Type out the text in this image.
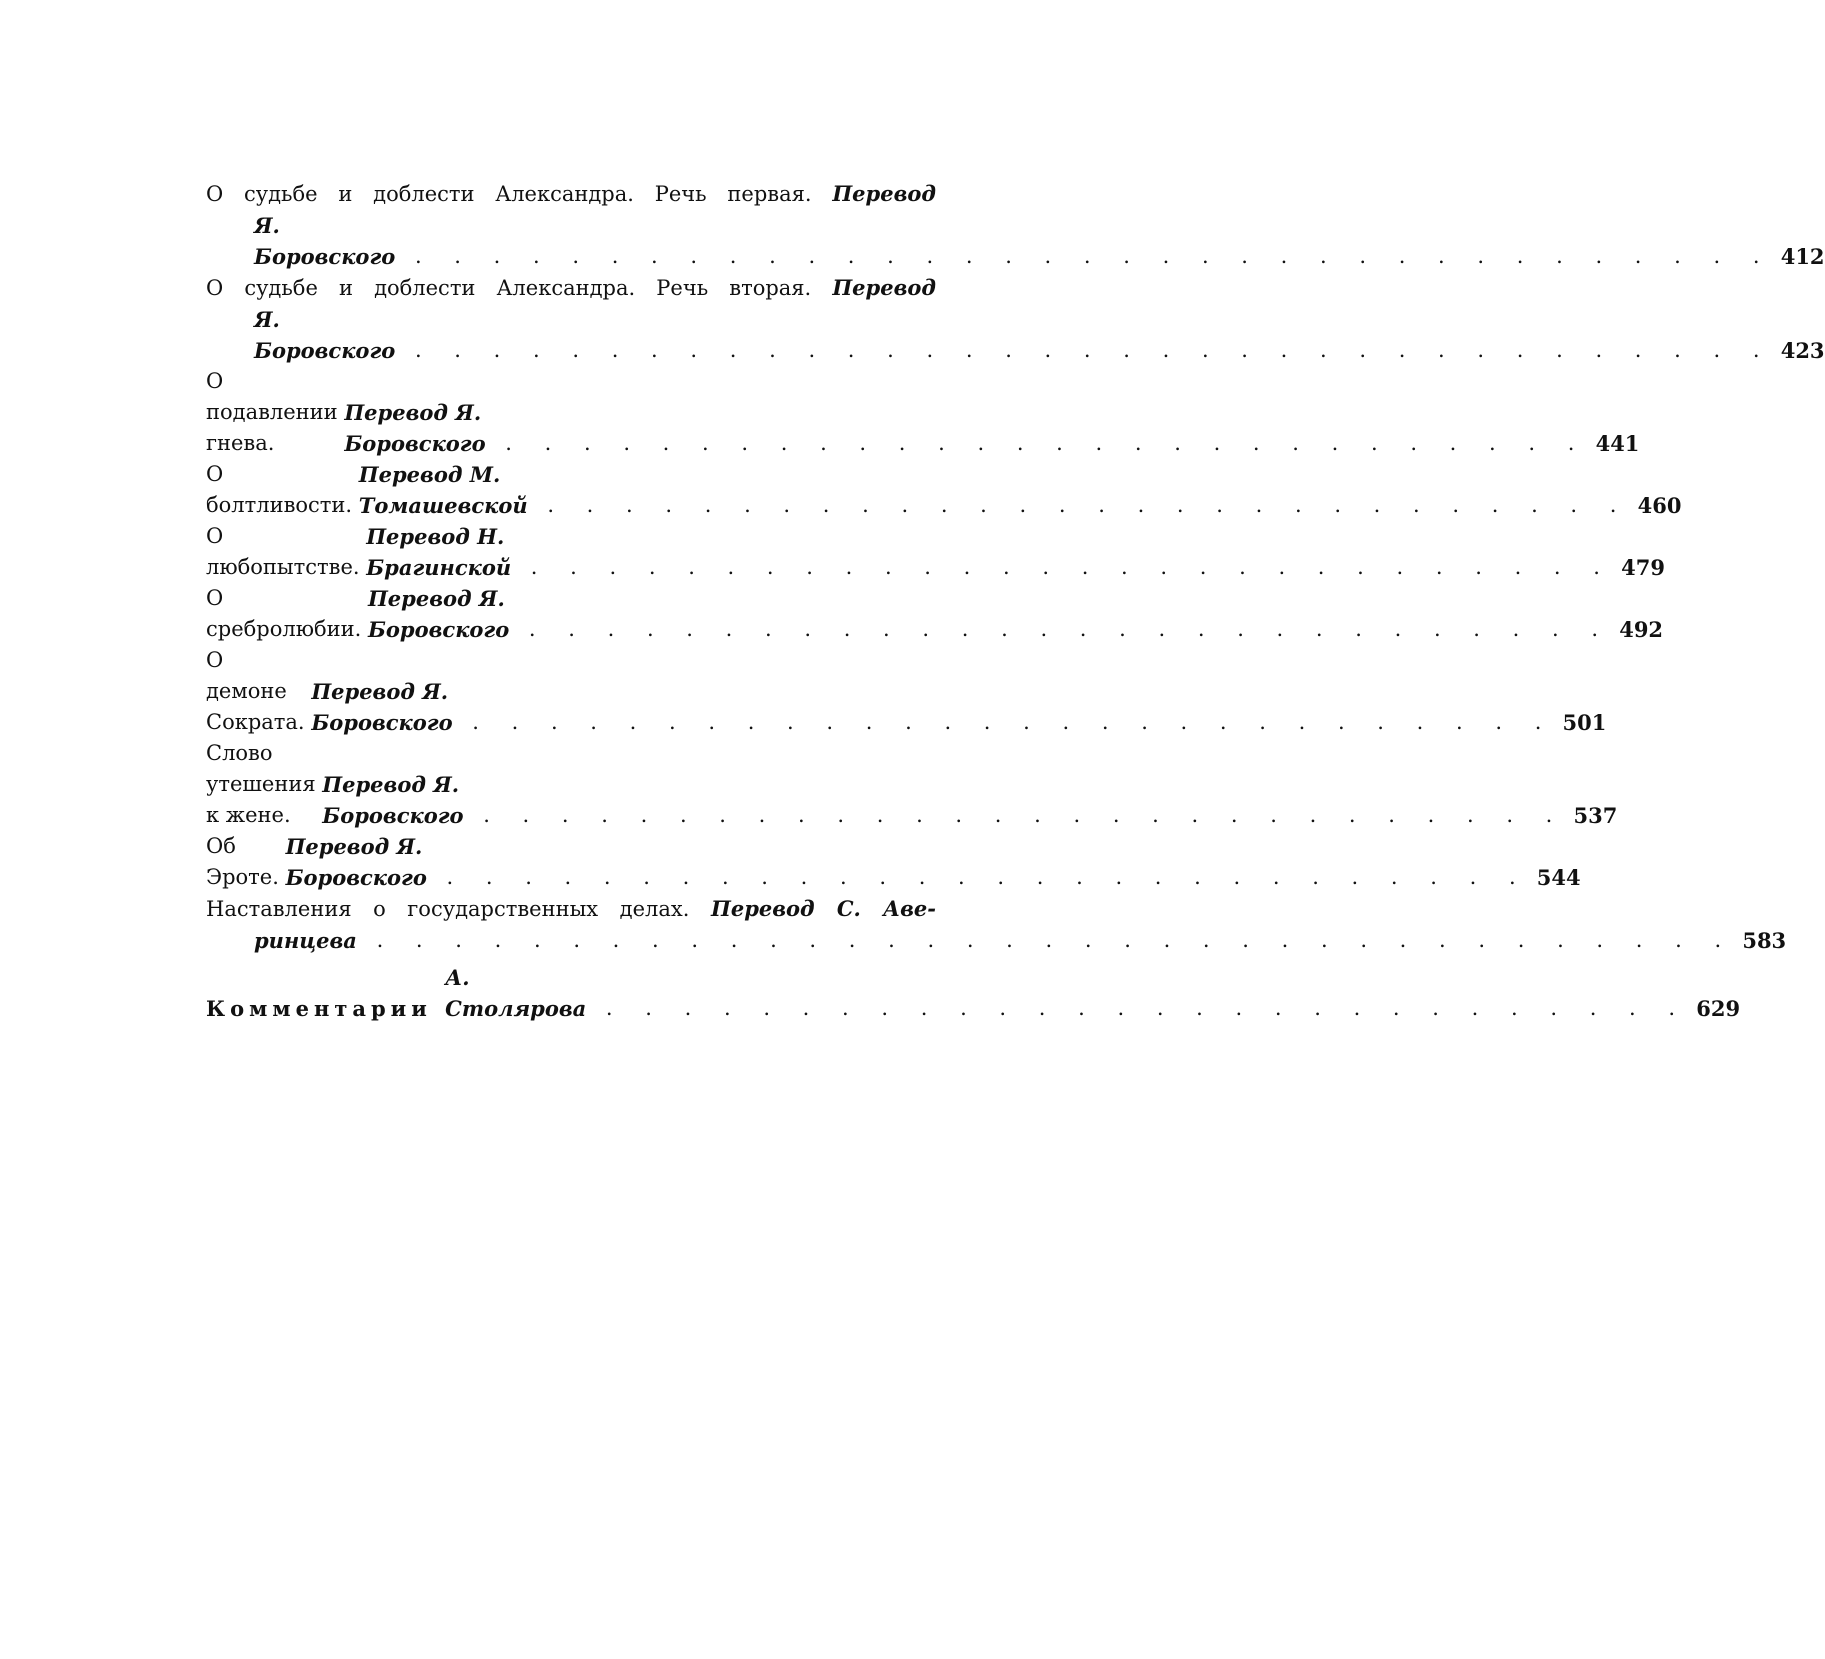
О судьбе и доблести Александра. Речь первая. Перевод
Я. Боровского . . . . . . . . . . . . . . . . . . . . . . . . . . . . . . . . . . . 412
О судьбе и доблести Александра. Речь вторая. Перевод
Я. Боровского . . . . . . . . . . . . . . . . . . . . . . . . . . . . . . . . . . . 423
О подавлении гнева.

Перевод Я. Боровского . . . . . . . . . . . . . . . . . . . . . . . . . . . . 441
О болтливости.

Перевод М. Томашевской . . . . . . . . . . . . . . . . . . . . . . . . . . . . 460
О любопытстве.

Перевод Н. Брагинской . . . . . . . . . . . . . . . . . . . . . . . . . . . . 479
О сребролюбии.

Перевод Я. Боровского . . . . . . . . . . . . . . . . . . . . . . . . . . . . 492
О демоне Сократа.

Перевод Я. Боровского . . . . . . . . . . . . . . . . . . . . . . . . . . . . 501
Слово утешения к жене.

Перевод Я. Боровского . . . . . . . . . . . . . . . . . . . . . . . . . . . . 537
Об Эроте.

Перевод Я. Боровского . . . . . . . . . . . . . . . . . . . . . . . . . . . . 544
Наставления о государственных делах. Перевод С. Аве-
ринцева . . . . . . . . . . . . . . . . . . . . . . . . . . . . . . . . . . . 583
Комментарии

А. Столярова . . . . . . . . . . . . . . . . . . . . . . . . . . . . 629
